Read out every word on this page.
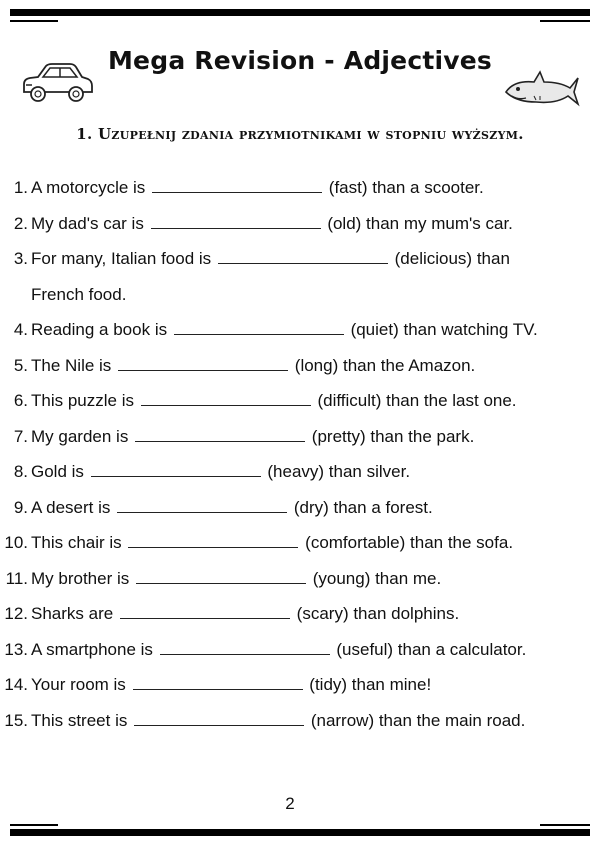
Mega Revision - Adjectives
1. Uzupełnij zdania przymiotnikami w stopniu wyższym.
1. A motorcycle is	(fast) than a scooter.
2. My dad's car is	(old) than my mum's car.
3. For many, Italian food is	(delicious) than French food.
4. Reading a book is	(quiet) than watching TV.
5. The Nile is	(long) than the Amazon.
6. This puzzle is	(difficult) than the last one.
7. My garden is	(pretty) than the park.
8. Gold is	(heavy) than silver.
9. A desert is	(dry) than a forest.
10. This chair is	(comfortable) than the sofa.
11. My brother is	(young) than me.
12. Sharks are	(scary) than dolphins.
13. A smartphone is	(useful) than a calculator.
14. Your room is	(tidy) than mine!
15. This street is	(narrow) than the main road.
2
